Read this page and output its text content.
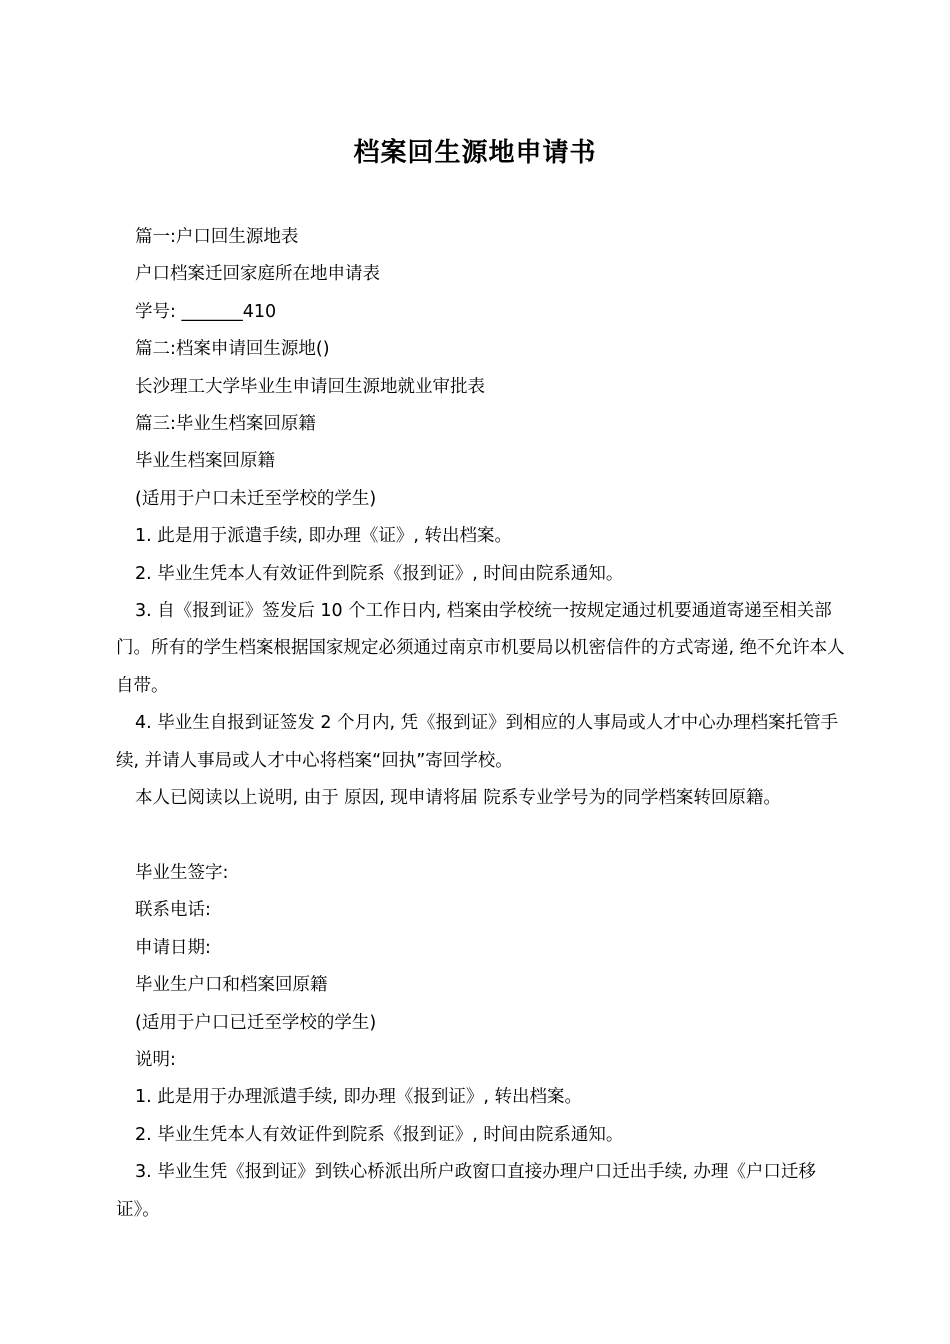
档案回生源地申请书

篇一:户口回生源地表

户口档案迁回家庭所在地申请表

学号: _______410

篇二:档案申请回生源地()

长沙理工大学毕业生申请回生源地就业审批表

篇三:毕业生档案回原籍

毕业生档案回原籍

(适用于户口未迁至学校的学生)

1. 此是用于派遣手续, 即办理《证》, 转出档案。

2. 毕业生凭本人有效证件到院系《报到证》, 时间由院系通知。

3. 自《报到证》签发后 10 个工作日内, 档案由学校统一按规定通过机要通道寄递至相关部门。所有的学生档案根据国家规定必须通过南京市机要局以机密信件的方式寄递, 绝不允许本人自带。

4. 毕业生自报到证签发 2 个月内, 凭《报到证》到相应的人事局或人才中心办理档案托管手续, 并请人事局或人才中心将档案“回执”寄回学校。

本人已阅读以上说明, 由于 原因, 现申请将届 院系专业学号为的同学档案转回原籍。

毕业生签字:

联系电话:

申请日期:

毕业生户口和档案回原籍

(适用于户口已迁至学校的学生)

说明:

1. 此是用于办理派遣手续, 即办理《报到证》, 转出档案。

2. 毕业生凭本人有效证件到院系《报到证》, 时间由院系通知。

3. 毕业生凭《报到证》到铁心桥派出所户政窗口直接办理户口迁出手续, 办理《户口迁移证》。
